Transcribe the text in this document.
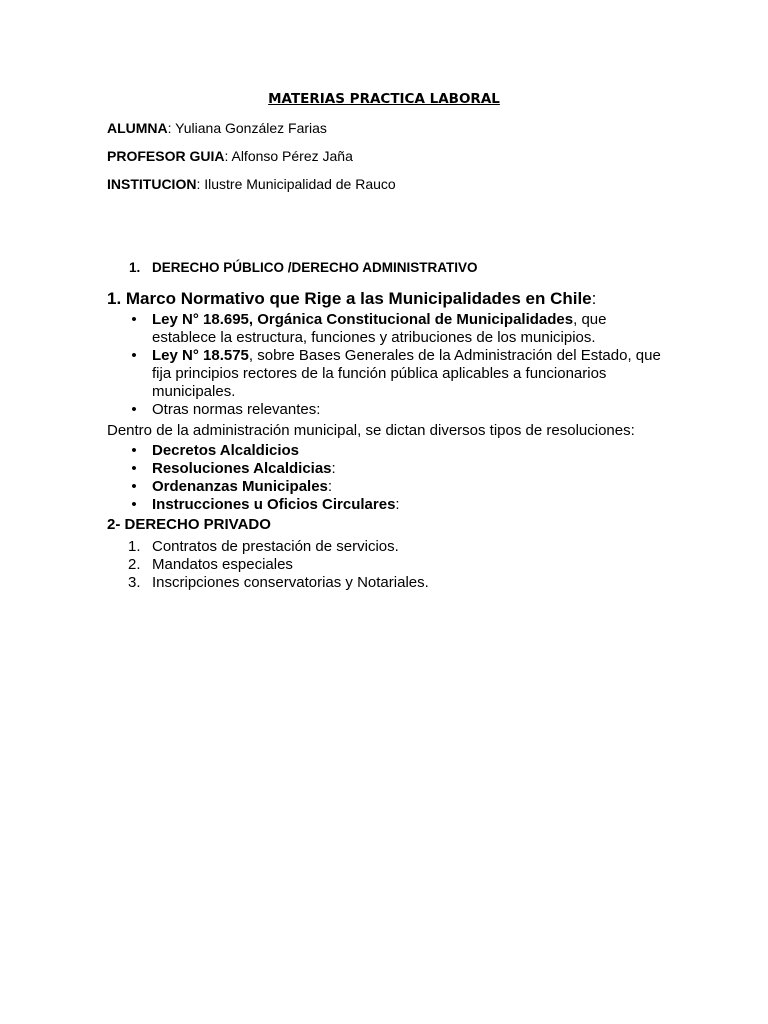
MATERIAS PRACTICA LABORAL
ALUMNA: Yuliana González Farias
PROFESOR GUIA: Alfonso Pérez Jaña
INSTITUCION: Ilustre Municipalidad de Rauco
1. DERECHO PÚBLICO /DERECHO ADMINISTRATIVO
1. Marco Normativo que Rige a las Municipalidades en Chile:
• Ley N° 18.695, Orgánica Constitucional de Municipalidades, que establece la estructura, funciones y atribuciones de los municipios.
• Ley N° 18.575, sobre Bases Generales de la Administración del Estado, que fija principios rectores de la función pública aplicables a funcionarios municipales.
• Otras normas relevantes:
Dentro de la administración municipal, se dictan diversos tipos de resoluciones:
• Decretos Alcaldicios
• Resoluciones Alcaldicias:
• Ordenanzas Municipales:
• Instrucciones u Oficios Circulares:
2- DERECHO PRIVADO
1. Contratos de prestación de servicios.
2. Mandatos especiales
3. Inscripciones conservatorias y Notariales.
